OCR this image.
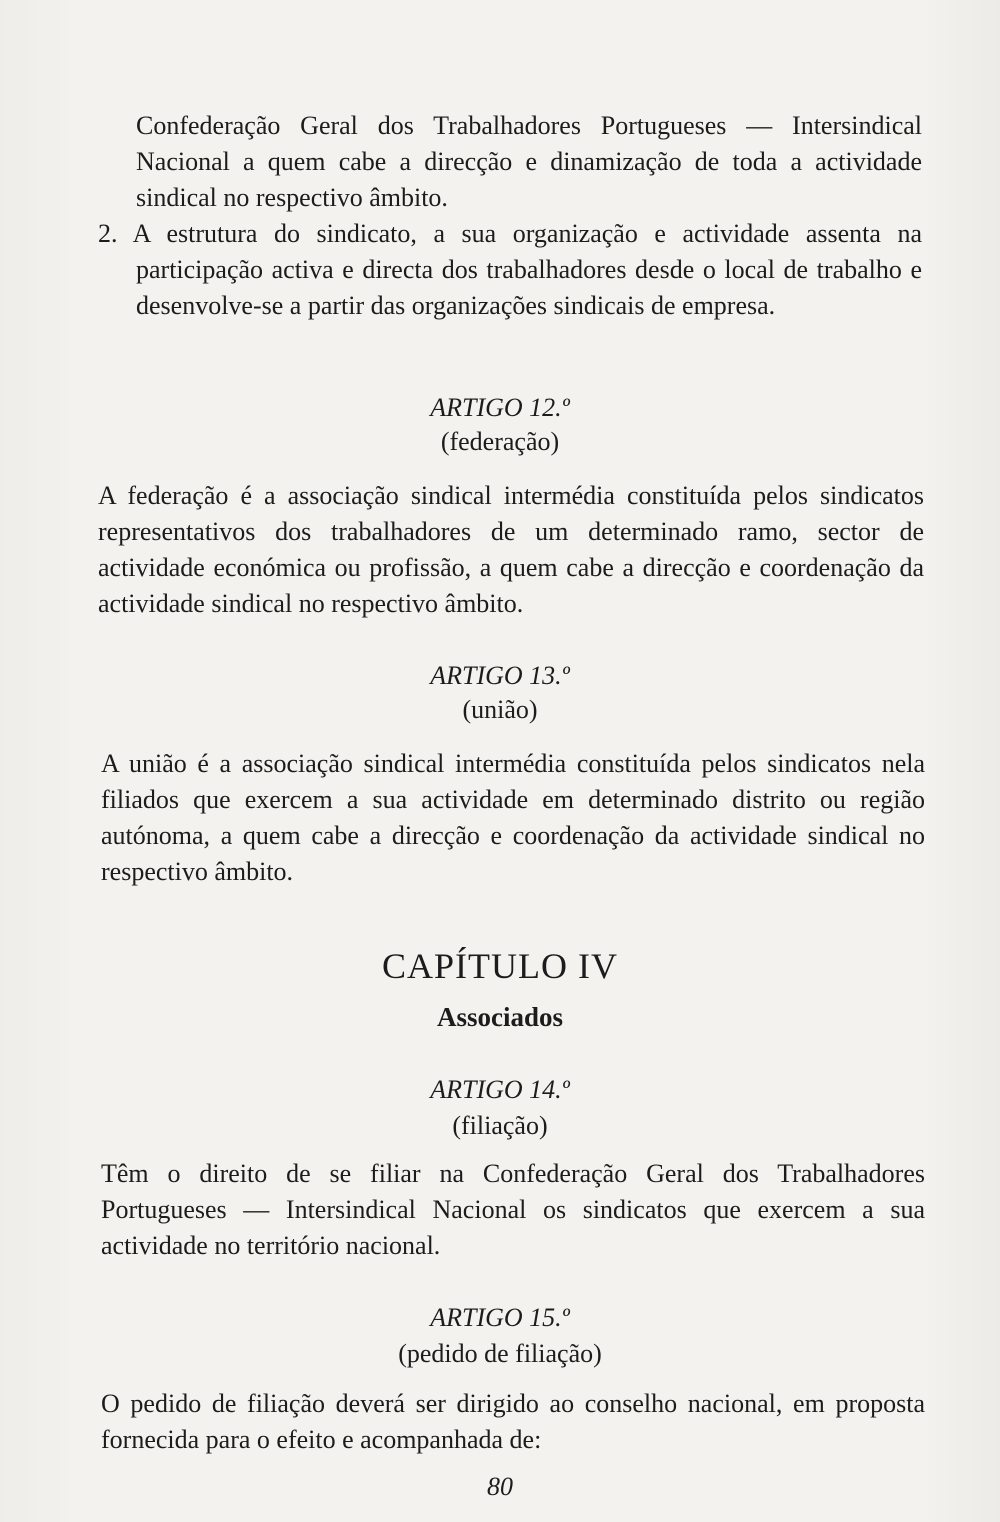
Confederação Geral dos Trabalhadores Portugueses — Intersindical Nacional a quem cabe a direcção e dinamização de toda a actividade sindical no respectivo âmbito.

2. A estrutura do sindicato, a sua organização e actividade assenta na participação activa e directa dos trabalhadores desde o local de trabalho e desenvolve-se a partir das organizações sindicais de empresa.

ARTIGO 12.º
(federação)

A federação é a associação sindical intermédia constituída pelos sindicatos representativos dos trabalhadores de um determinado ramo, sector de actividade económica ou profissão, a quem cabe a direcção e coordenação da actividade sindical no respectivo âmbito.

ARTIGO 13.º
(união)

A união é a associação sindical intermédia constituída pelos sindicatos nela filiados que exercem a sua actividade em determinado distrito ou região autónoma, a quem cabe a direcção e coordenação da actividade sindical no respectivo âmbito.

CAPÍTULO IV
Associados
ARTIGO 14.º
(filiação)

Têm o direito de se filiar na Confederação Geral dos Trabalhadores Portugueses — Intersindical Nacional os sindicatos que exercem a sua actividade no território nacional.

ARTIGO 15.º
(pedido de filiação)

O pedido de filiação deverá ser dirigido ao conselho nacional, em proposta fornecida para o efeito e acompanhada de:

80
